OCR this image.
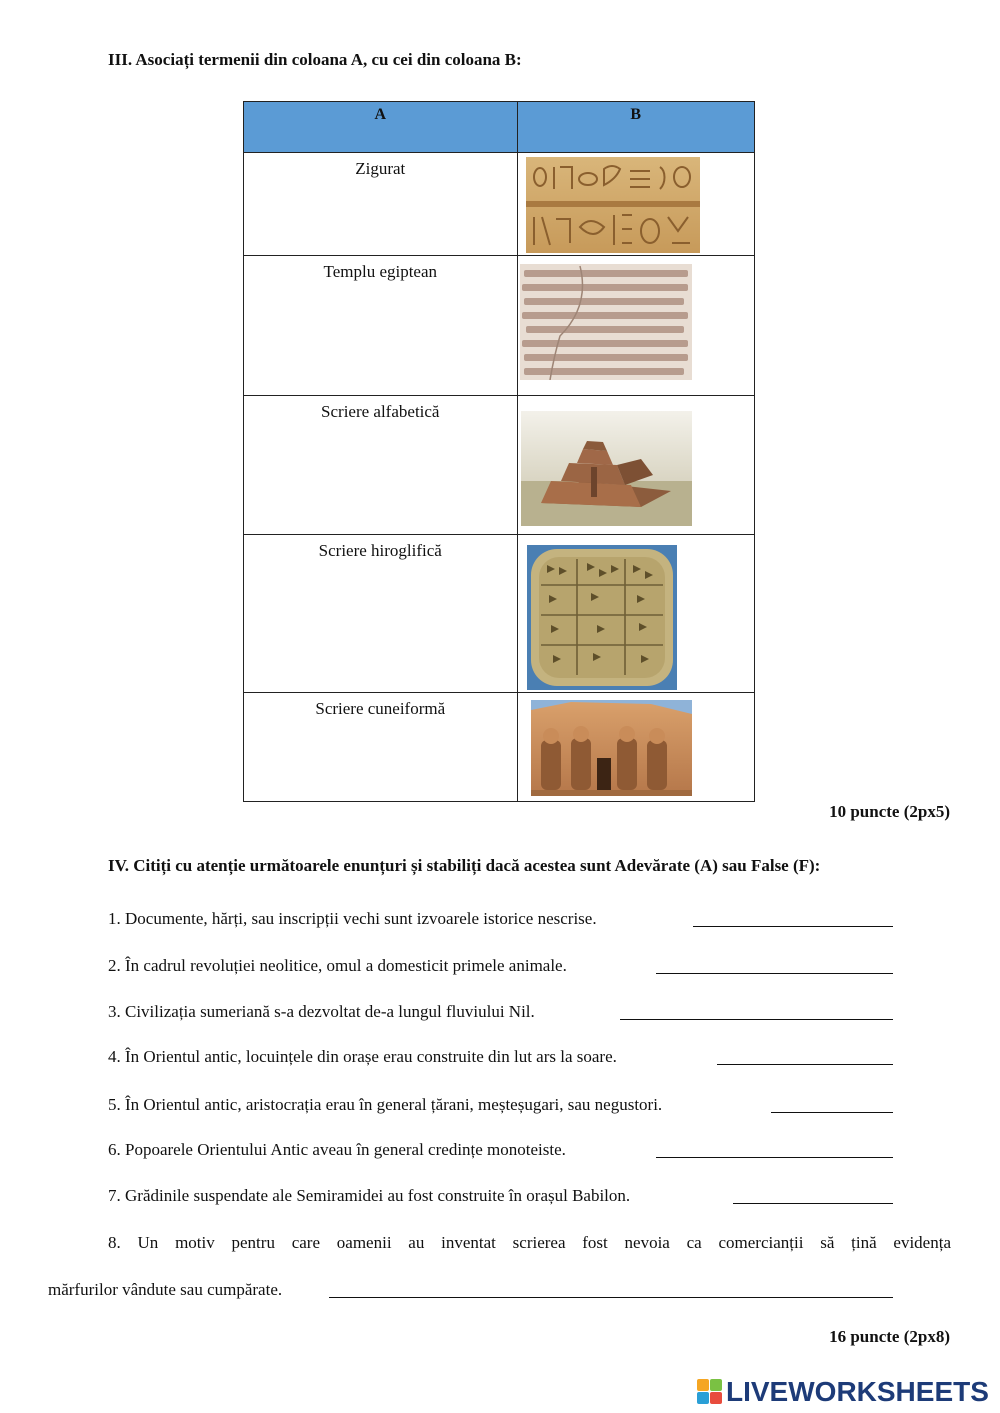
III. Asociați termenii din coloana A, cu cei din coloana B:
A	B
Zigurat	

Templu egiptean	

Scriere alfabetică	

Scriere hiroglifică	

Scriere cuneiformă	
10 puncte (2px5)
IV. Citiți cu atenție următoarele enunțuri și stabiliți dacă acestea sunt Adevărate (A) sau False (F):
1. Documente, hărți, sau inscripții vechi sunt izvoarele istorice nescrise.
2. În cadrul revoluției neolitice, omul a domesticit primele animale.
3. Civilizația sumeriană s-a dezvoltat de-a lungul fluviului Nil.
4. În Orientul antic, locuințele din orașe erau construite din lut ars la soare.
5. În Orientul antic, aristocrația erau în general țărani, meșteșugari, sau negustori.
6. Popoarele Orientului Antic aveau în general credințe monoteiste.
7. Grădinile suspendate ale Semiramidei au fost construite în orașul Babilon.
8. Un motiv pentru care oamenii au inventat scrierea fost nevoia ca comercianții să țină evidența
mărfurilor vândute sau cumpărate.
16 puncte (2px8)
LIVEWORKSHEETS
